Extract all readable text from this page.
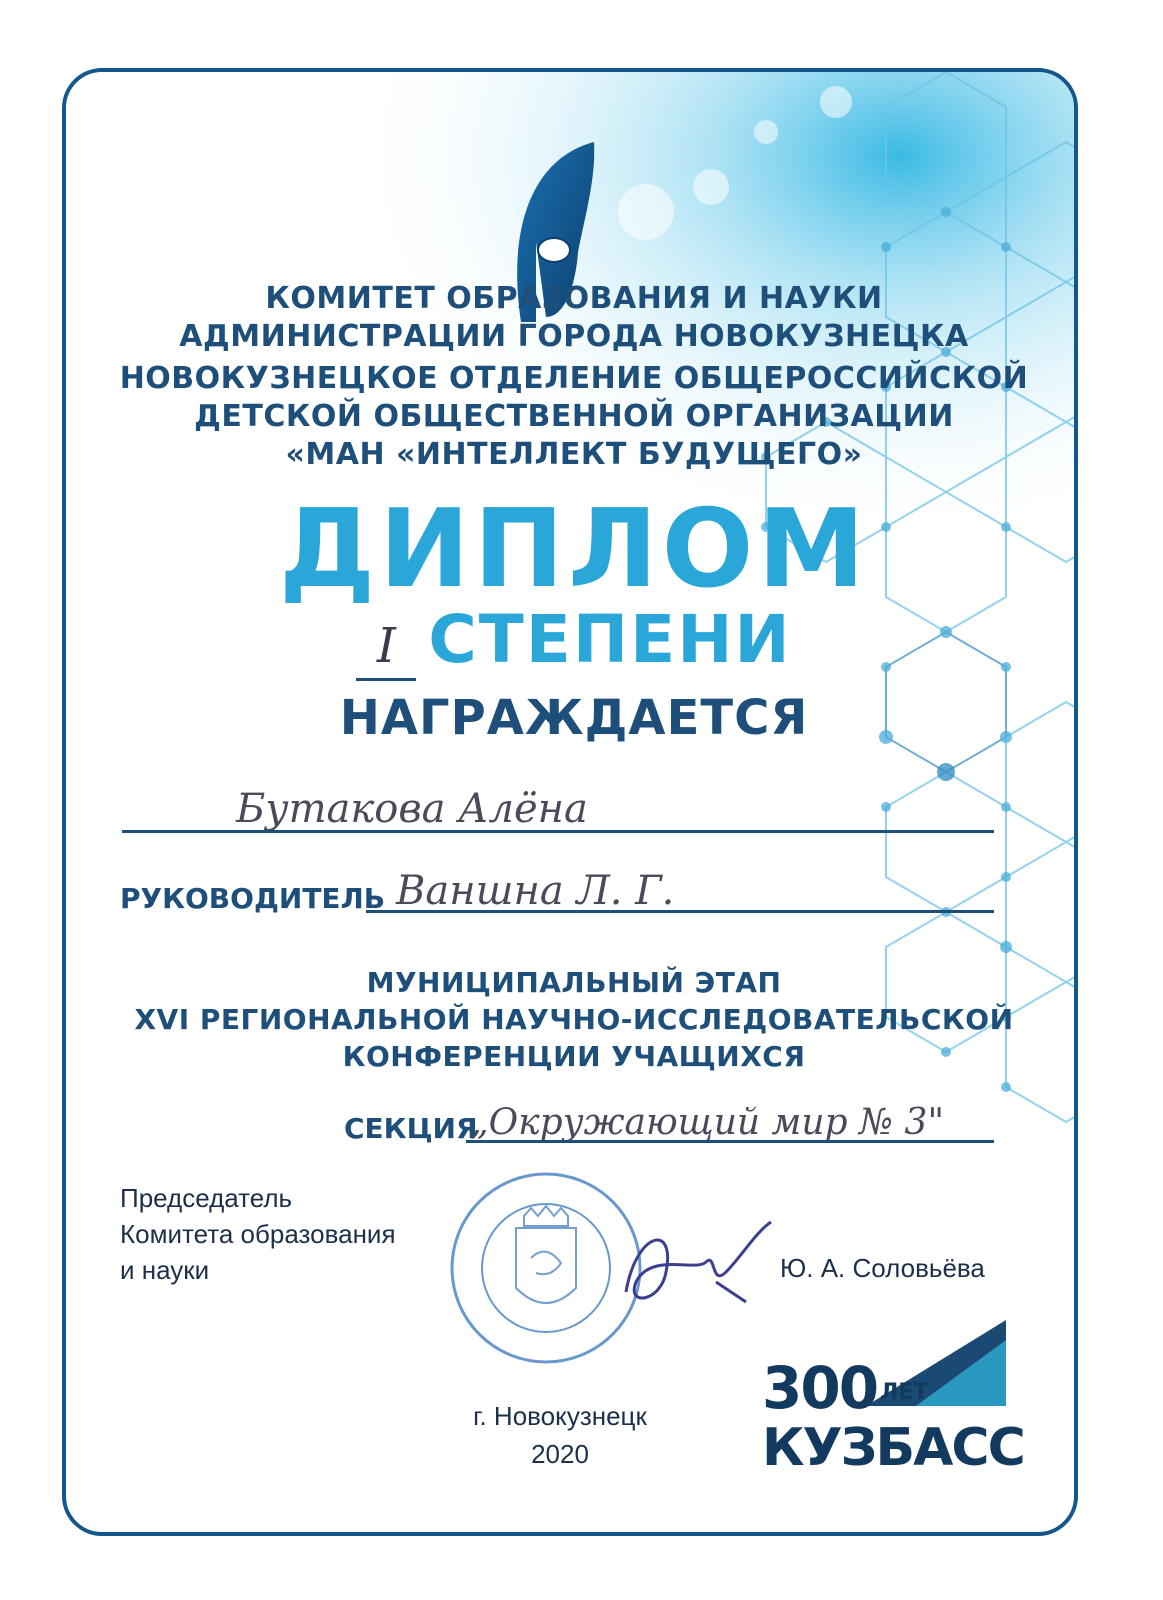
КОМИТЕТ ОБРАЗОВАНИЯ И НАУКИ
АДМИНИСТРАЦИИ ГОРОДА НОВОКУЗНЕЦКА
НОВОКУЗНЕЦКОЕ ОТДЕЛЕНИЕ ОБЩЕРОССИЙСКОЙ
ДЕТСКОЙ ОБЩЕСТВЕННОЙ ОРГАНИЗАЦИИ
«МАН «ИНТЕЛЛЕКТ БУДУЩЕГО»
ДИПЛОМ
I СТЕПЕНИ
НАГРАЖДАЕТСЯ
Бутакова Алёна
РУКОВОДИТЕЛЬ Ваншна Л. Г.
МУНИЦИПАЛЬНЫЙ ЭТАП
XVI РЕГИОНАЛЬНОЙ НАУЧНО-ИССЛЕДОВАТЕЛЬСКОЙ
КОНФЕРЕНЦИИ УЧАЩИХСЯ
СЕКЦИЯ
„Окружающий мир № 3"
Председатель
Комитета образования
и науки	Ю. А. Соловьёва
г. Новокузнецк
2020
300 ЛЕТ
КУЗБАСС
